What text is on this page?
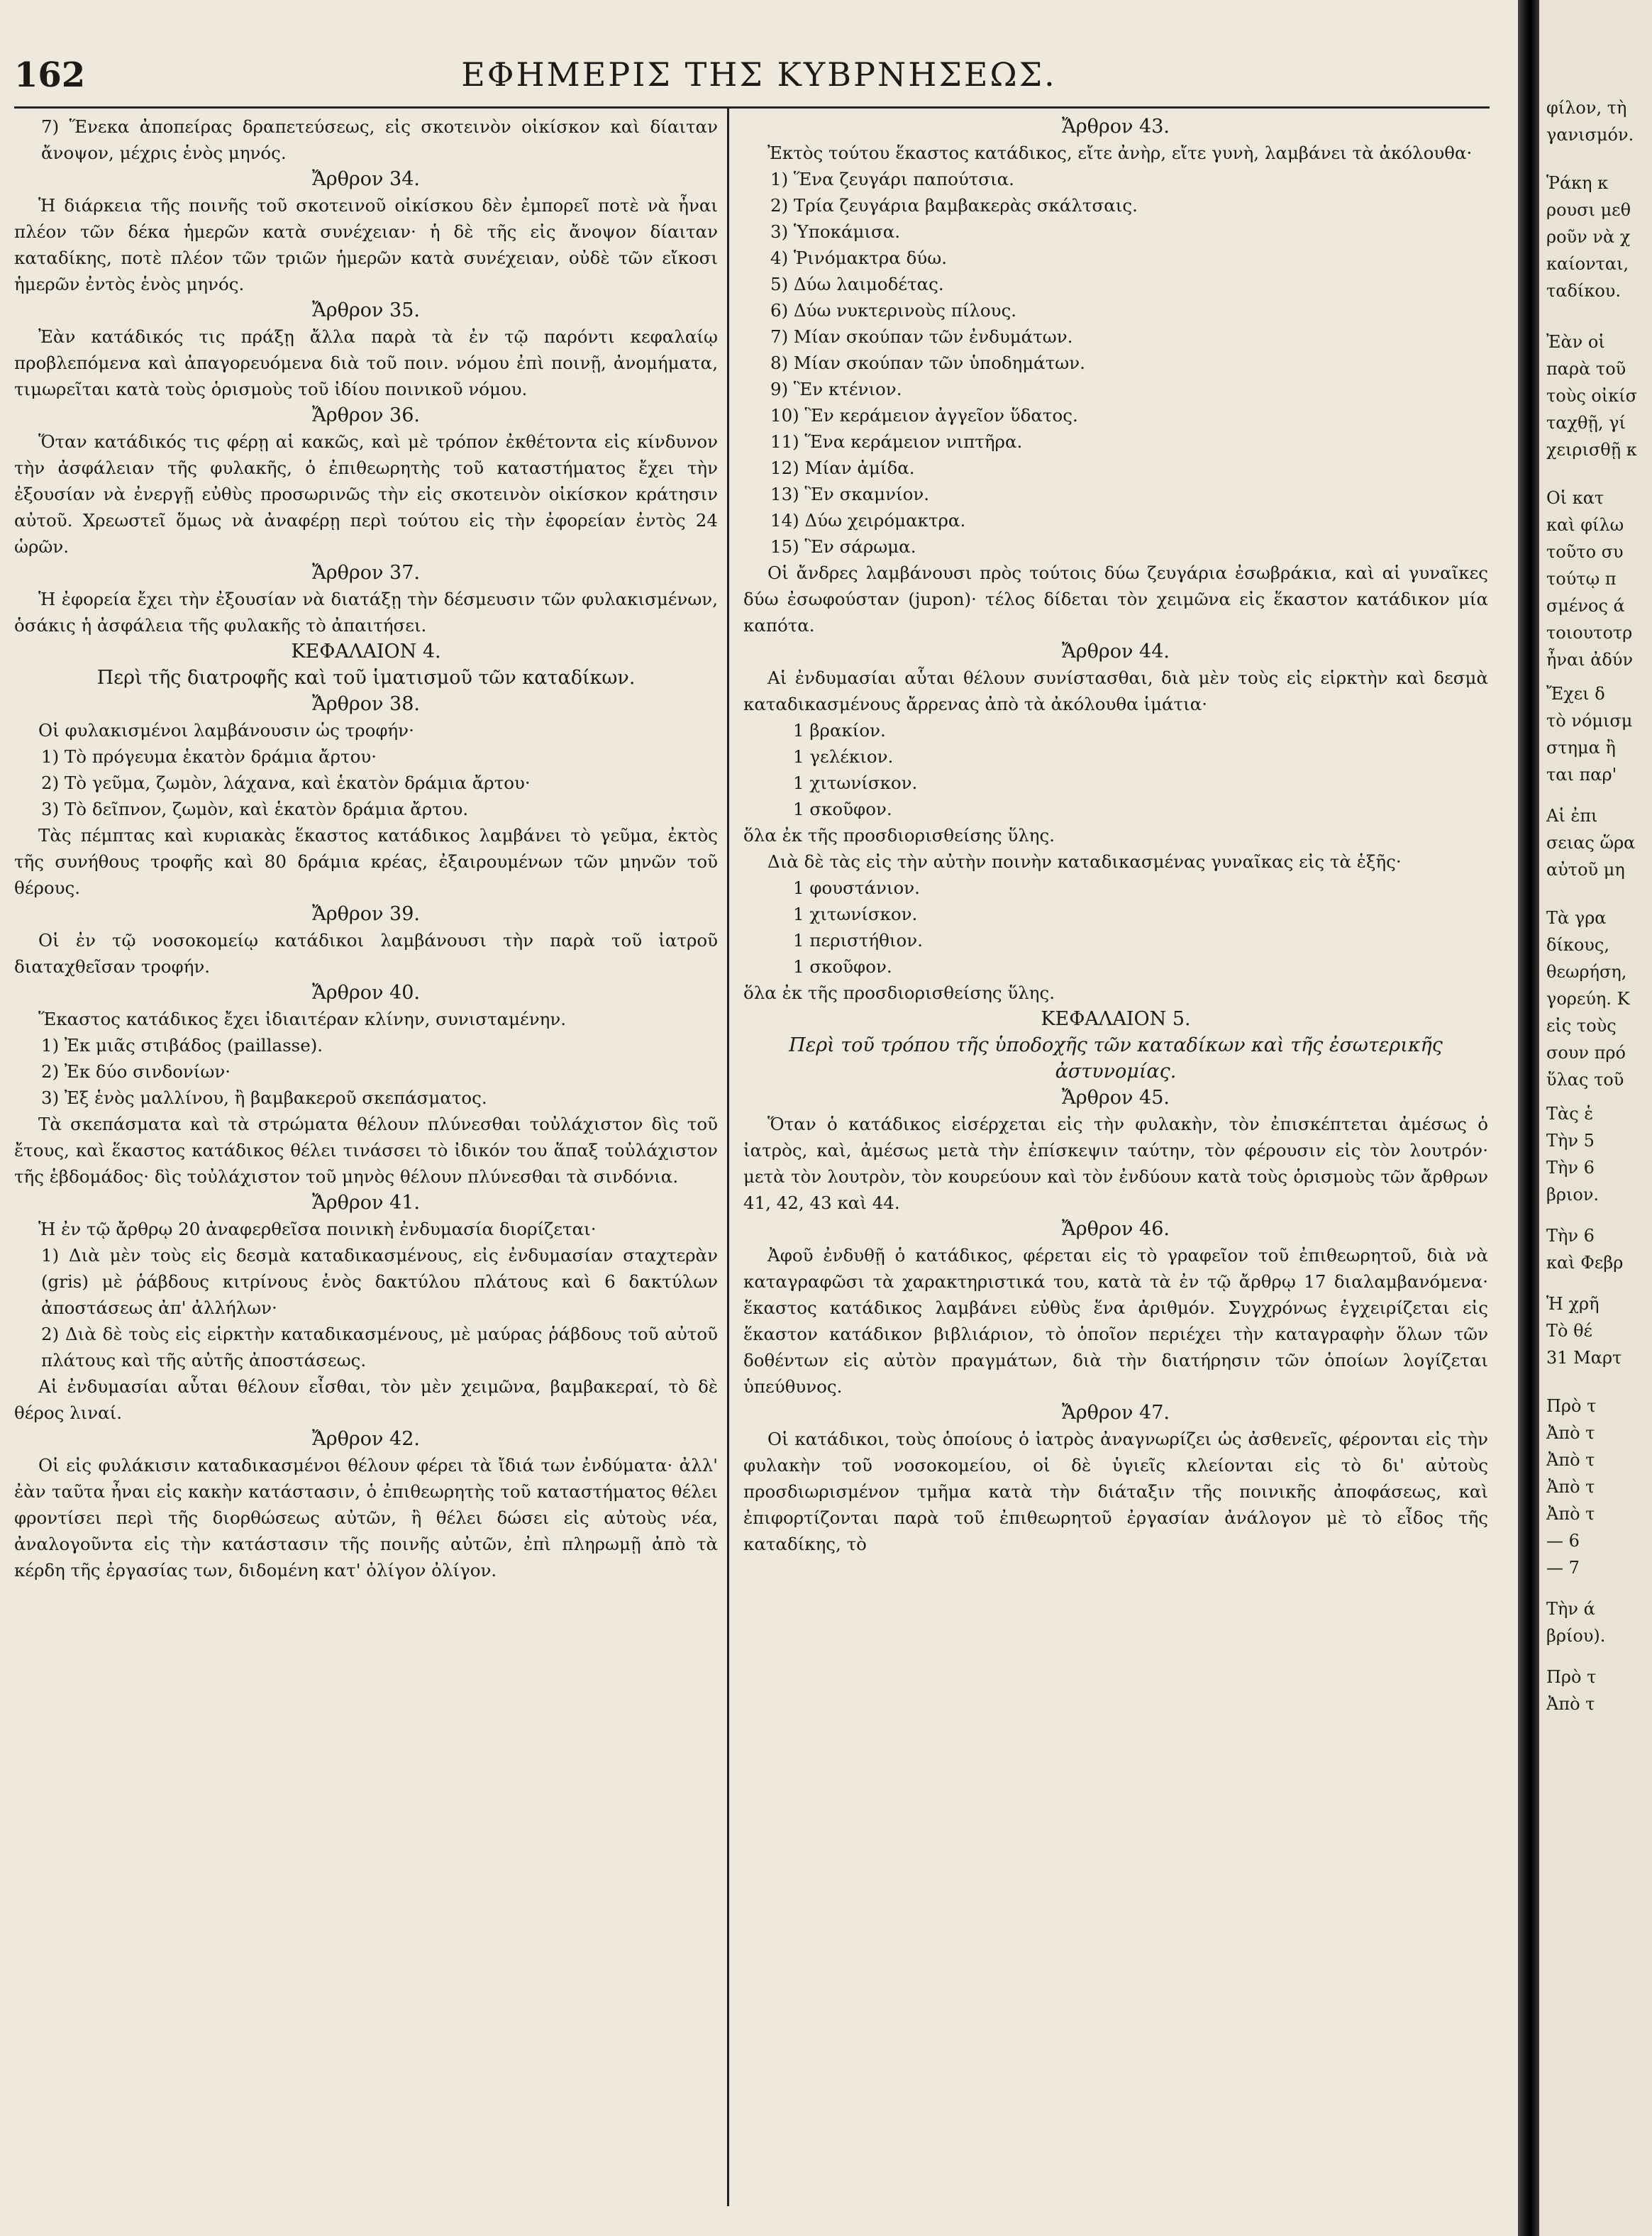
162	ΕΦΗΜΕΡΙΣ ΤΗΣ ΚΥΒΡΝΗΣΕΩΣ.

7) Ἕνεκα ἀποπείρας δραπετεύσεως, εἰς σκοτεινὸν οἰκίσκον καὶ δίαιταν ἄνοψον, μέχρις ἑνὸς μηνός.

Ἄρθρον 34.

Ἡ διάρκεια τῆς ποινῆς τοῦ σκοτεινοῦ οἰκίσκου δὲν ἐμπορεῖ ποτὲ νὰ ἦναι πλέον τῶν δέκα ἡμερῶν κατὰ συνέχειαν· ἡ δὲ τῆς εἰς ἄνοψον δίαιταν καταδίκης, ποτὲ πλέον τῶν τριῶν ἡμερῶν κατὰ συνέχειαν, οὐδὲ τῶν εἴκοσι ἡμερῶν ἐντὸς ἑνὸς μηνός.

Ἄρθρον 35.

Ἐὰν κατάδικός τις πράξῃ ἄλλα παρὰ τὰ ἐν τῷ παρόντι κεφαλαίῳ προβλεπόμενα καὶ ἀπαγορευόμενα διὰ τοῦ ποιν. νόμου ἐπὶ ποινῇ, ἀνομήματα, τιμωρεῖται κατὰ τοὺς ὁρισμοὺς τοῦ ἰδίου ποινικοῦ νόμου.

Ἄρθρον 36.

Ὅταν κατάδικός τις φέρῃ αἱ κακῶς, καὶ μὲ τρόπον ἐκθέτοντα εἰς κίνδυνον τὴν ἀσφάλειαν τῆς φυλακῆς, ὁ ἐπιθεωρητὴς τοῦ καταστήματος ἔχει τὴν ἐξουσίαν νὰ ἐνεργῇ εὐθὺς προσωρινῶς τὴν εἰς σκοτεινὸν οἰκίσκον κράτησιν αὐτοῦ. Χρεωστεῖ ὅμως νὰ ἀναφέρῃ περὶ τούτου εἰς τὴν ἐφορείαν ἐντὸς 24 ὡρῶν.

Ἄρθρον 37.

Ἡ ἐφορεία ἔχει τὴν ἐξουσίαν νὰ διατάξῃ τὴν δέσμευσιν τῶν φυλακισμένων, ὁσάκις ἡ ἀσφάλεια τῆς φυλακῆς τὸ ἀπαιτήσει.

ΚΕΦΑΛΑΙΟΝ 4.

Περὶ τῆς διατροφῆς καὶ τοῦ ἱματισμοῦ τῶν καταδίκων.

Ἄρθρον 38.

Οἱ φυλακισμένοι λαμβάνουσιν ὡς τροφήν·

1) Τὸ πρόγευμα ἑκατὸν δράμια ἄρτου·

2) Τὸ γεῦμα, ζωμὸν, λάχανα, καὶ ἑκατὸν δράμια ἄρτου·

3) Τὸ δεῖπνον, ζωμὸν, καὶ ἑκατὸν δράμια ἄρτου.

Τὰς πέμπτας καὶ κυριακὰς ἕκαστος κατάδικος λαμβάνει τὸ γεῦμα, ἐκτὸς τῆς συνήθους τροφῆς καὶ 80 δράμια κρέας, ἐξαιρουμένων τῶν μηνῶν τοῦ θέρους.

Ἄρθρον 39.

Οἱ ἐν τῷ νοσοκομείῳ κατάδικοι λαμβάνουσι τὴν παρὰ τοῦ ἰατροῦ διαταχθεῖσαν τροφήν.

Ἄρθρον 40.

Ἕκαστος κατάδικος ἔχει ἰδιαιτέραν κλίνην, συνισταμένην.

1) Ἐκ μιᾶς στιβάδος (paillasse).

2) Ἐκ δύο σινδονίων·

3) Ἐξ ἑνὸς μαλλίνου, ἢ βαμβακεροῦ σκεπάσματος.

Τὰ σκεπάσματα καὶ τὰ στρώματα θέλουν πλύνεσθαι τοὐλάχιστον δὶς τοῦ ἔτους, καὶ ἕκαστος κατάδικος θέλει τινάσσει τὸ ἰδικόν του ἅπαξ τοὐλάχιστον τῆς ἑβδομάδος· δὶς τοὐλάχιστον τοῦ μηνὸς θέλουν πλύνεσθαι τὰ σινδόνια.

Ἄρθρον 41.

Ἡ ἐν τῷ ἄρθρῳ 20 ἀναφερθεῖσα ποινικὴ ἐνδυμασία διορίζεται·

1) Διὰ μὲν τοὺς εἰς δεσμὰ καταδικασμένους, εἰς ἐνδυμασίαν σταχτερὰν (gris) μὲ ῥάβδους κιτρίνους ἑνὸς δακτύλου πλάτους καὶ 6 δακτύλων ἀποστάσεως ἀπ' ἀλλήλων·

2) Διὰ δὲ τοὺς εἰς εἱρκτὴν καταδικασμένους, μὲ μαύρας ῥάβδους τοῦ αὐτοῦ πλάτους καὶ τῆς αὐτῆς ἀποστάσεως.

Αἱ ἐνδυμασίαι αὗται θέλουν εἶσθαι, τὸν μὲν χειμῶνα, βαμβακεραί, τὸ δὲ θέρος λιναί.

Ἄρθρον 42.

Οἱ εἰς φυλάκισιν καταδικασμένοι θέλουν φέρει τὰ ἴδιά των ἐνδύματα· ἀλλ' ἐὰν ταῦτα ἦναι εἰς κακὴν κατάστασιν, ὁ ἐπιθεωρητὴς τοῦ καταστήματος θέλει φροντίσει περὶ τῆς διορθώσεως αὐτῶν, ἢ θέλει δώσει εἰς αὐτοὺς νέα, ἀναλογοῦντα εἰς τὴν κατάστασιν τῆς ποινῆς αὐτῶν, ἐπὶ πληρωμῇ ἀπὸ τὰ κέρδη τῆς ἐργασίας των, διδομένη κατ' ὀλίγον ὀλίγον.

Ἄρθρον 43.

Ἐκτὸς τούτου ἕκαστος κατάδικος, εἴτε ἀνὴρ, εἴτε γυνὴ, λαμβάνει τὰ ἀκόλουθα·

1) Ἕνα ζευγάρι παπούτσια.

2) Τρία ζευγάρια βαμβακερὰς σκάλτσαις.

3) Ὑποκάμισα.

4) Ῥινόμακτρα δύω.

5) Δύω λαιμοδέτας.

6) Δύω νυκτερινοὺς πίλους.

7) Μίαν σκούπαν τῶν ἐνδυμάτων.

8) Μίαν σκούπαν τῶν ὑποδημάτων.

9) Ἓν κτένιον.

10) Ἓν κεράμειον ἀγγεῖον ὕδατος.

11) Ἕνα κεράμειον νιπτῆρα.

12) Μίαν ἀμίδα.

13) Ἓν σκαμνίον.

14) Δύω χειρόμακτρα.

15) Ἓν σάρωμα.

Οἱ ἄνδρες λαμβάνουσι πρὸς τούτοις δύω ζευγάρια ἐσωβράκια, καὶ αἱ γυναῖκες δύω ἐσωφούσταν (jupon)· τέλος δίδεται τὸν χειμῶνα εἰς ἕκαστον κατάδικον μία καπότα.

Ἄρθρον 44.

Αἱ ἐνδυμασίαι αὗται θέλουν συνίστασθαι, διὰ μὲν τοὺς εἰς εἱρκτὴν καὶ δεσμὰ καταδικασμένους ἄρρενας ἀπὸ τὰ ἀκόλουθα ἱμάτια·

1 βρακίον.

1 γελέκιον.

1 χιτωνίσκον.

1 σκοῦφον.

ὅλα ἐκ τῆς προσδιορισθείσης ὕλης.

Διὰ δὲ τὰς εἰς τὴν αὐτὴν ποινὴν καταδικασμένας γυναῖκας εἰς τὰ ἑξῆς·

1 φουστάνιον.

1 χιτωνίσκον.

1 περιστήθιον.

1 σκοῦφον.

ὅλα ἐκ τῆς προσδιορισθείσης ὕλης.

ΚΕΦΑΛΑΙΟΝ 5.

Περὶ τοῦ τρόπου τῆς ὑποδοχῆς τῶν καταδίκων καὶ τῆς ἐσωτερικῆς ἀστυνομίας.

Ἄρθρον 45.

Ὅταν ὁ κατάδικος εἰσέρχεται εἰς τὴν φυλακὴν, τὸν ἐπισκέπτεται ἀμέσως ὁ ἰατρὸς, καὶ, ἀμέσως μετὰ τὴν ἐπίσκεψιν ταύτην, τὸν φέρουσιν εἰς τὸν λουτρόν· μετὰ τὸν λουτρὸν, τὸν κουρεύουν καὶ τὸν ἐνδύουν κατὰ τοὺς ὁρισμοὺς τῶν ἄρθρων 41, 42, 43 καὶ 44.

Ἄρθρον 46.

Ἀφοῦ ἐνδυθῇ ὁ κατάδικος, φέρεται εἰς τὸ γραφεῖον τοῦ ἐπιθεωρητοῦ, διὰ νὰ καταγραφῶσι τὰ χαρακτηριστικά του, κατὰ τὰ ἐν τῷ ἄρθρῳ 17 διαλαμβανόμενα· ἕκαστος κατάδικος λαμβάνει εὐθὺς ἕνα ἀριθμόν. Συγχρόνως ἐγχειρίζεται εἰς ἕκαστον κατάδικον βιβλιάριον, τὸ ὁποῖον περιέχει τὴν καταγραφὴν ὅλων τῶν δοθέντων εἰς αὐτὸν πραγμάτων, διὰ τὴν διατήρησιν τῶν ὁποίων λογίζεται ὑπεύθυνος.

Ἄρθρον 47.

Οἱ κατάδικοι, τοὺς ὁποίους ὁ ἰατρὸς ἀναγνωρίζει ὡς ἀσθενεῖς, φέρονται εἰς τὴν φυλακὴν τοῦ νοσοκομείου, οἱ δὲ ὑγιεῖς κλείονται εἰς τὸ δι' αὐτοὺς προσδιωρισμένον τμῆμα κατὰ τὴν διάταξιν τῆς ποινικῆς ἀποφάσεως, καὶ ἐπιφορτίζονται παρὰ τοῦ ἐπιθεωρητοῦ ἐργασίαν ἀνάλογον μὲ τὸ εἶδος τῆς καταδίκης, τὸ

φίλον, τὴ
γανισμόν.
Ῥάκη κ
ρουσι μεθ
ροῦν νὰ χ
καίονται,
ταδίκου.
Ἐὰν οἱ
παρὰ τοῦ
τοὺς οἰκίσ
ταχθῇ, γί
χειρισθῇ κ
Οἱ κατ
καὶ φίλω
τοῦτο συ
τούτῳ π
σμένος ά
τοιουτοτρ
ἦναι ἀδύν
Ἔχει δ
τὸ νόμισμ
στημα ἢ
ται παρ'
Αἱ ἐπι
σειας ὥρα
αὐτοῦ μη
Τὰ γρα
δίκους,
θεωρήση,
γορεύη. Κ
εἰς τοὺς
σουν πρό
ὕλας τοῦ
Τὰς ἑ
Τὴν 5
Τὴν 6
βριον.
Τὴν 6
καὶ Φεβρ
Ἡ χρῆ
Τὸ θέ
31 Μαρτ
Πρὸ τ
Ἀπὸ τ
Ἀπὸ τ
Ἀπὸ τ
Ἀπὸ τ
— 6
— 7
Τὴν ά
βρίου).
Πρὸ τ
Ἀπὸ τ
